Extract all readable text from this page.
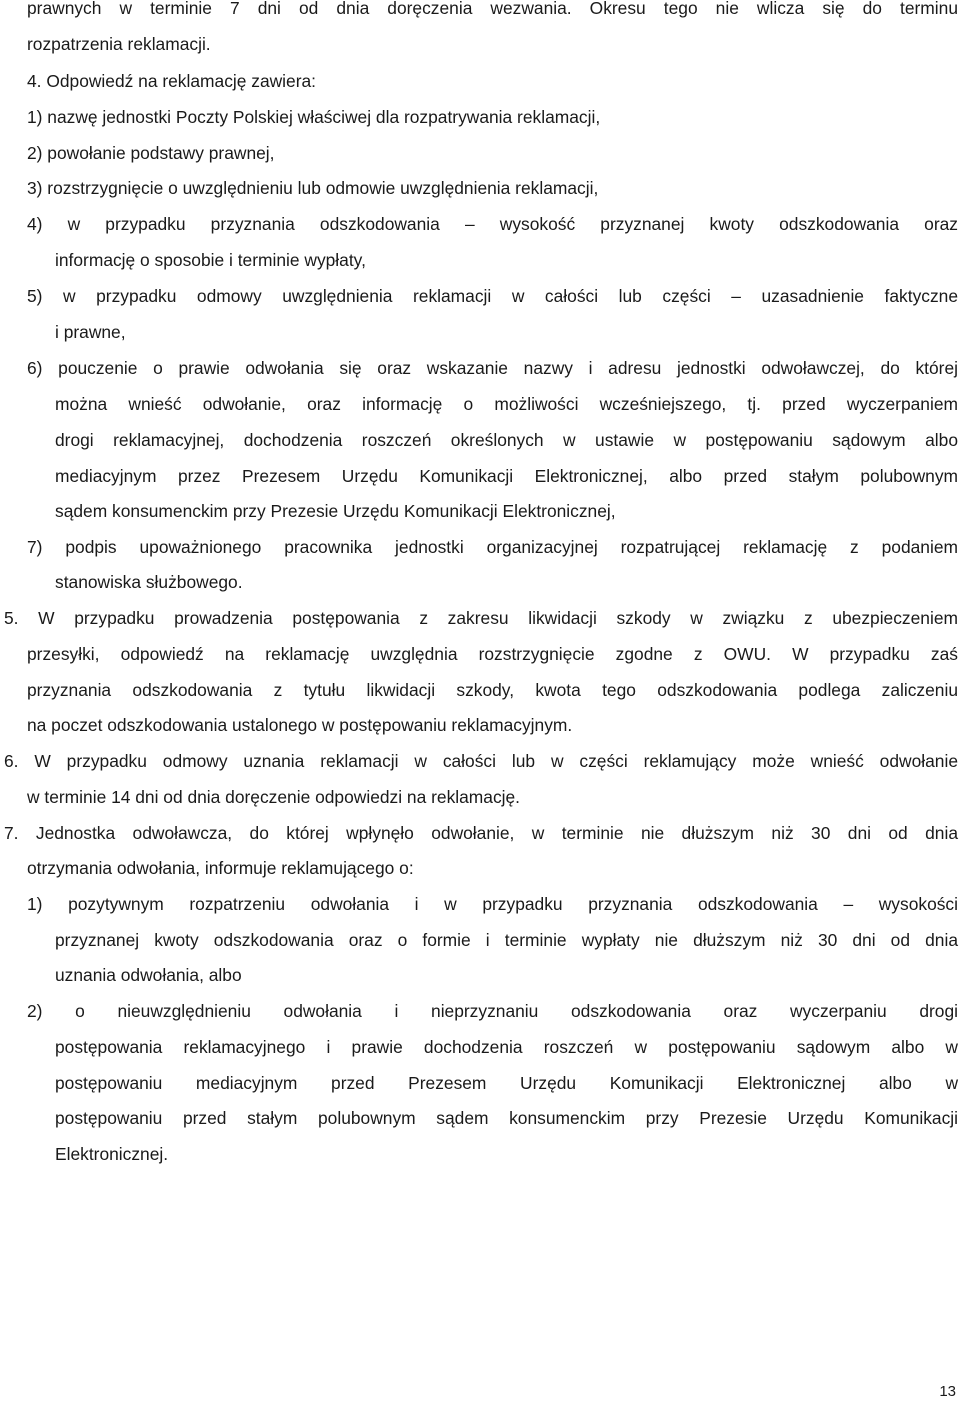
prawnych w terminie 7 dni od dnia doręczenia wezwania. Okresu tego nie wlicza się do terminu
rozpatrzenia reklamacji.
4. Odpowiedź na reklamację zawiera:
1) nazwę jednostki Poczty Polskiej właściwej dla rozpatrywania reklamacji,
2) powołanie podstawy prawnej,
3) rozstrzygnięcie o uwzględnieniu lub odmowie uwzględnienia reklamacji,
4) w przypadku przyznania odszkodowania – wysokość przyznanej kwoty odszkodowania oraz
informację o sposobie i terminie wypłaty,
5) w przypadku odmowy uwzględnienia reklamacji w całości lub części – uzasadnienie faktyczne
i prawne,
6) pouczenie o prawie odwołania się oraz wskazanie nazwy i adresu jednostki odwoławczej, do której
można wnieść odwołanie, oraz informację o możliwości wcześniejszego, tj. przed wyczerpaniem
drogi reklamacyjnej, dochodzenia roszczeń określonych w ustawie w postępowaniu sądowym albo
mediacyjnym przez Prezesem Urzędu Komunikacji Elektronicznej, albo przed stałym polubownym
sądem konsumenckim przy Prezesie Urzędu Komunikacji Elektronicznej,
7) podpis upoważnionego pracownika jednostki organizacyjnej rozpatrującej reklamację z podaniem
stanowiska służbowego.
5. W przypadku prowadzenia postępowania z zakresu likwidacji szkody w związku z ubezpieczeniem
przesyłki, odpowiedź na reklamację uwzględnia rozstrzygnięcie zgodne z OWU. W przypadku zaś
przyznania odszkodowania z tytułu likwidacji szkody, kwota tego odszkodowania podlega zaliczeniu
na poczet odszkodowania ustalonego w postępowaniu reklamacyjnym.
6. W przypadku odmowy uznania reklamacji w całości lub w części reklamujący może wnieść odwołanie
w terminie 14 dni od dnia doręczenie odpowiedzi na reklamację.
7. Jednostka odwoławcza, do której wpłynęło odwołanie, w terminie nie dłuższym niż 30 dni od dnia
otrzymania odwołania, informuje reklamującego o:
1) pozytywnym rozpatrzeniu odwołania i w przypadku przyznania odszkodowania – wysokości
przyznanej kwoty odszkodowania oraz o formie i terminie wypłaty nie dłuższym niż 30 dni od dnia
uznania odwołania, albo
2) o nieuwzględnieniu odwołania i nieprzyznaniu odszkodowania oraz wyczerpaniu drogi
postępowania reklamacyjnego i prawie dochodzenia roszczeń w postępowaniu sądowym albo w
postępowaniu mediacyjnym przed Prezesem Urzędu Komunikacji Elektronicznej albo w
postępowaniu przed stałym polubownym sądem konsumenckim przy Prezesie Urzędu Komunikacji
Elektronicznej.
13
